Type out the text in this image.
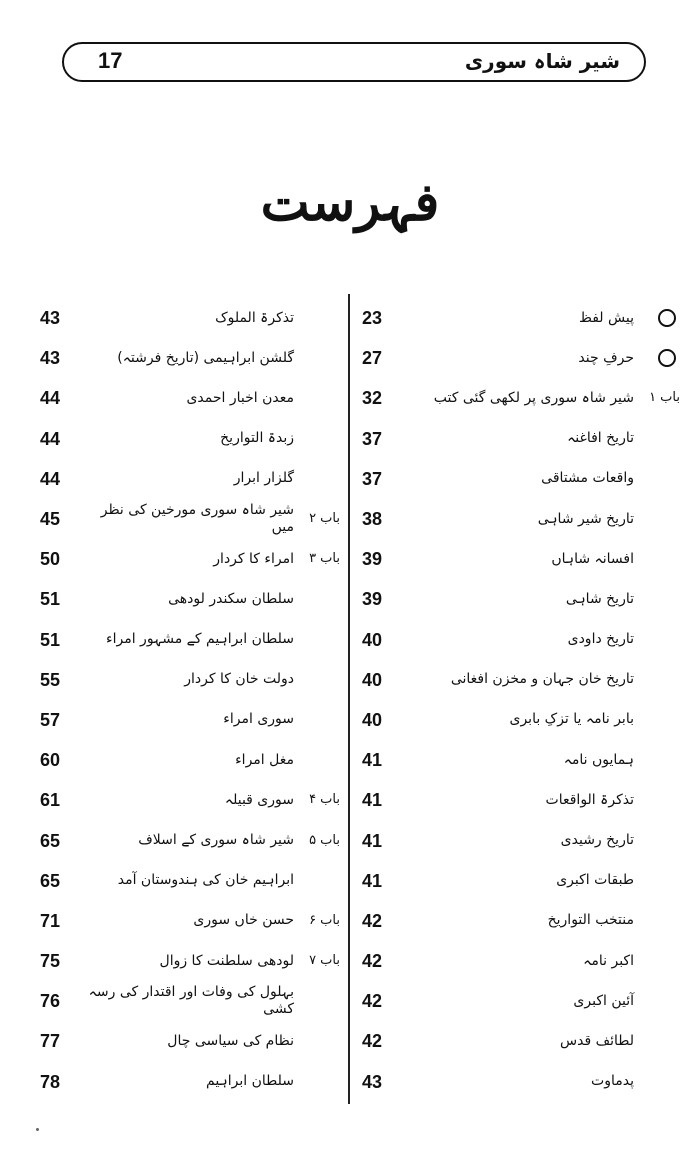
17	شیر شاہ سوری
فہرست
پیش لفظ
23
حرفِ چند
27
باب ۱
شیر شاہ سوری پر لکھی گئی کتب
32
تاریخ افاغنہ
37
واقعات مشتاقی
37
تاریخ شیر شاہی
38
افسانہ شاہاں
39
تاریخ شاہی
39
تاریخ داودی
40
تاریخ خان جہان و مخزن افغانی
40
بابر نامہ یا تزکِ بابری
40
ہمایوں نامہ
41
تذکرۃ الواقعات
41
تاریخ رشیدی
41
طبقات اکبری
41
منتخب التواریخ
42
اکبر نامہ
42
آئین اکبری
42
لطائف قدس
42
پدماوت
43
تذکرۃ الملوک
43
گلشن ابراہیمی (تاریخ فرشتہ)
43
معدن اخبار احمدی
44
زبدۃ التواریخ
44
گلزار ابرار
44
باب ۲
شیر شاہ سوری مورخین کی نظر میں
45
باب ۳
امراء کا کردار
50
سلطان سکندر لودھی
51
سلطان ابراہیم کے مشہور امراء
51
دولت خان کا کردار
55
سوری امراء
57
مغل امراء
60
باب ۴
سوری قبیلہ
61
باب ۵
شیر شاہ سوری کے اسلاف
65
ابراہیم خان کی ہندوستان آمد
65
باب ۶
حسن خاں سوری
71
باب ۷
لودھی سلطنت کا زوال
75
بہلول کی وفات اور اقتدار کی رسہ کشی
76
نظام کی سیاسی چال
77
سلطان ابراہیم
78
